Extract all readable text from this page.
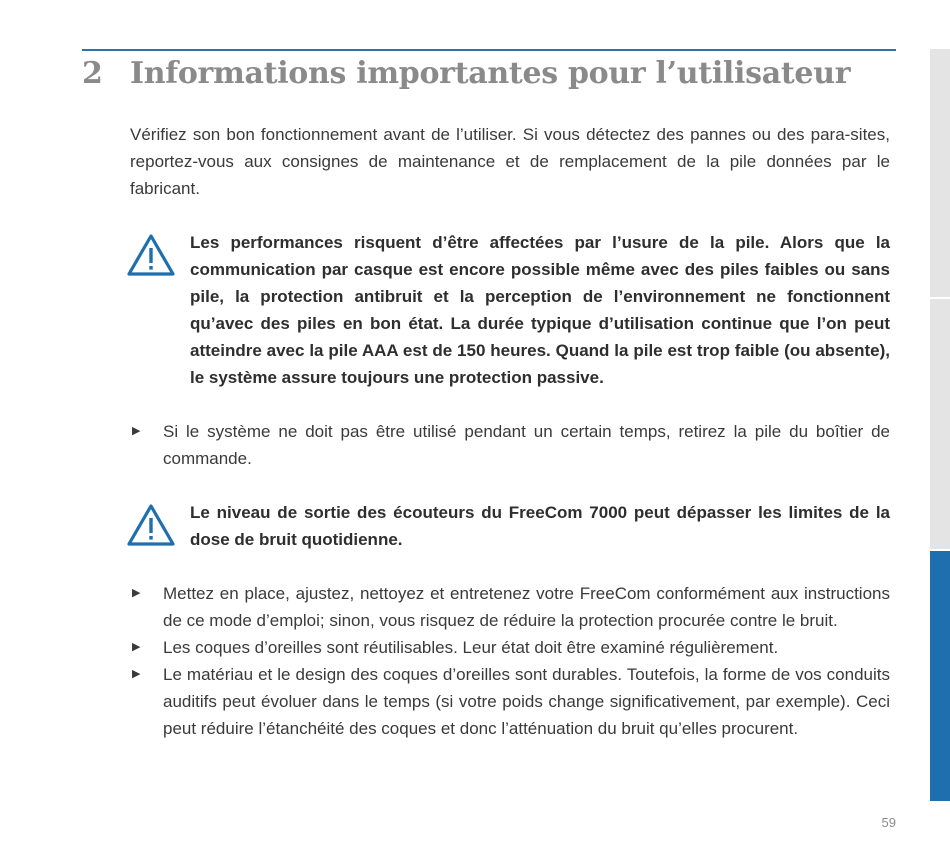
2 Informations importantes pour l’utilisateur

Vérifiez son bon fonctionnement avant de l’utiliser. Si vous détectez des pannes ou des para-sites, reportez-vous aux consignes de maintenance et de remplacement de la pile données par le fabricant.

Les performances risquent d’être affectées par l’usure de la pile. Alors que la communication par casque est encore possible même avec des piles faibles ou sans pile, la protection antibruit et la perception de l’environnement ne fonctionnent qu’avec des piles en bon état. La durée typique d’utilisation continue que l’on peut atteindre avec la pile AAA est de 150 heures. Quand la pile est trop faible (ou absente), le système assure toujours une protection passive.

▶ Si le système ne doit pas être utilisé pendant un certain temps, retirez la pile du boîtier de commande.

Le niveau de sortie des écouteurs du FreeCom 7000 peut dépasser les limites de la dose de bruit quotidienne.

▶ Mettez en place, ajustez, nettoyez et entretenez votre FreeCom conformément aux instructions de ce mode d’emploi; sinon, vous risquez de réduire la protection procurée contre le bruit.
▶ Les coques d’oreilles sont réutilisables. Leur état doit être examiné régulièrement.
▶ Le matériau et le design des coques d’oreilles sont durables. Toutefois, la forme de vos conduits auditifs peut évoluer dans le temps (si votre poids change significativement, par exemple). Ceci peut réduire l’étanchéité des coques et donc l’atténuation du bruit qu’elles procurent.
59
